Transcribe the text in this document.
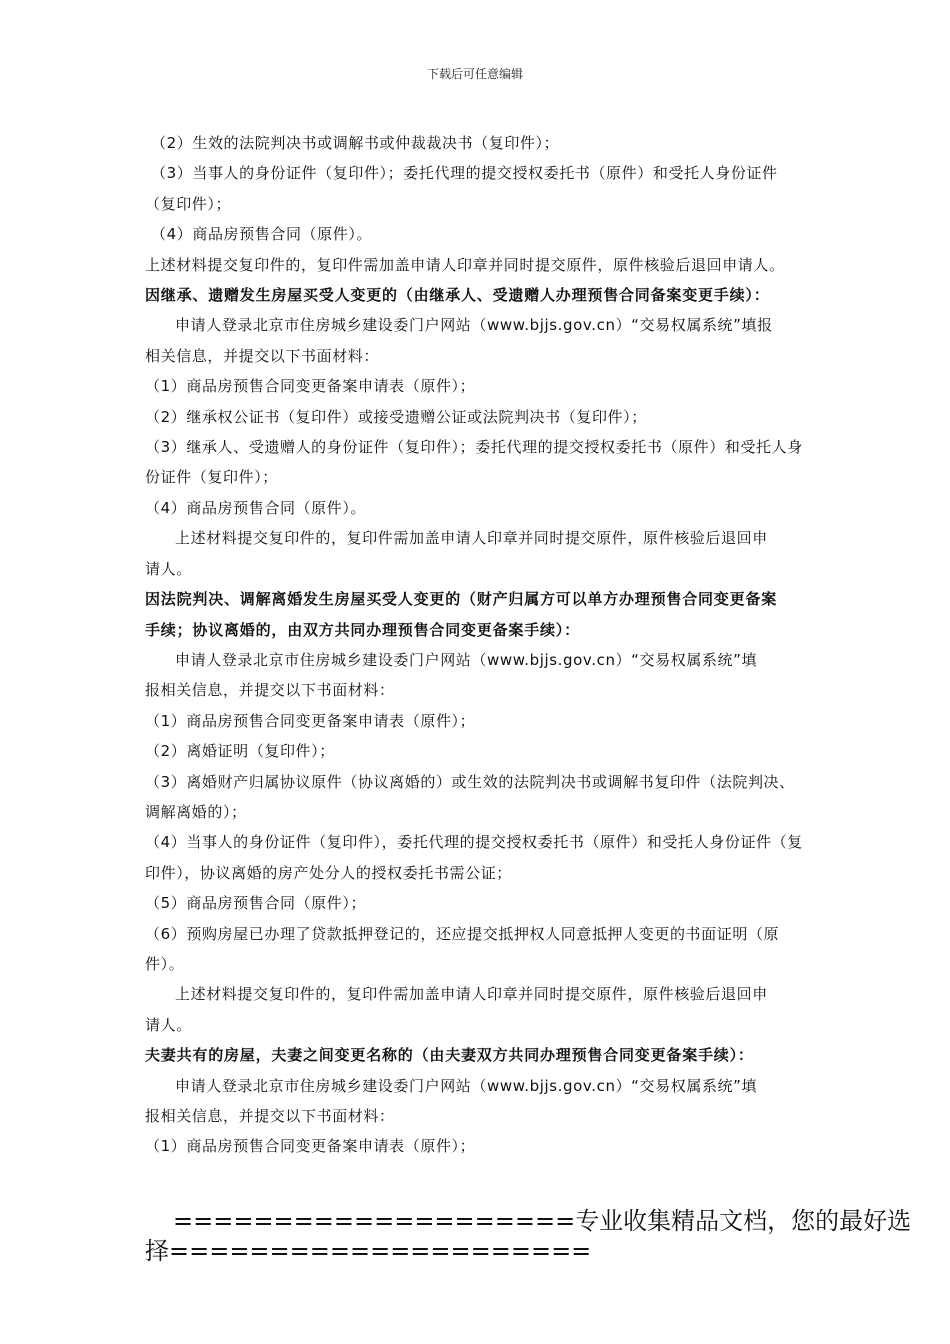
下载后可任意编辑
（2）生效的法院判决书或调解书或仲裁裁决书（复印件）；
（3）当事人的身份证件（复印件）；委托代理的提交授权委托书（原件）和受托人身份证件
（复印件）；
（4）商品房预售合同（原件）。
上述材料提交复印件的，复印件需加盖申请人印章并同时提交原件，原件核验后退回申请人。
因继承、遗赠发生房屋买受人变更的（由继承人、受遗赠人办理预售合同备案变更手续）：
申请人登录北京市住房城乡建设委门户网站（www.bjjs.gov.cn）“交易权属系统”填报
相关信息，并提交以下书面材料：
（1）商品房预售合同变更备案申请表（原件）；
（2）继承权公证书（复印件）或接受遗赠公证或法院判决书（复印件）；
（3）继承人、受遗赠人的身份证件（复印件）；委托代理的提交授权委托书（原件）和受托人身
份证件（复印件）；
（4）商品房预售合同（原件）。
上述材料提交复印件的，复印件需加盖申请人印章并同时提交原件，原件核验后退回申
请人。
因法院判决、调解离婚发生房屋买受人变更的（财产归属方可以单方办理预售合同变更备案
手续；协议离婚的，由双方共同办理预售合同变更备案手续）：
申请人登录北京市住房城乡建设委门户网站（www.bjjs.gov.cn）“交易权属系统”填
报相关信息，并提交以下书面材料：
（1）商品房预售合同变更备案申请表（原件）；
（2）离婚证明（复印件）；
（3）离婚财产归属协议原件（协议离婚的）或生效的法院判决书或调解书复印件（法院判决、
调解离婚的）；
（4）当事人的身份证件（复印件），委托代理的提交授权委托书（原件）和受托人身份证件（复
印件），协议离婚的房产处分人的授权委托书需公证；
（5）商品房预售合同（原件）；
（6）预购房屋已办理了贷款抵押登记的，还应提交抵押权人同意抵押人变更的书面证明（原
件）。
上述材料提交复印件的，复印件需加盖申请人印章并同时提交原件，原件核验后退回申
请人。
夫妻共有的房屋，夫妻之间变更名称的（由夫妻双方共同办理预售合同变更备案手续）：
申请人登录北京市住房城乡建设委门户网站（www.bjjs.gov.cn）“交易权属系统”填
报相关信息，并提交以下书面材料：
（1）商品房预售合同变更备案申请表（原件）；
====================专业收集精品文档，您的最好选
择=====================
